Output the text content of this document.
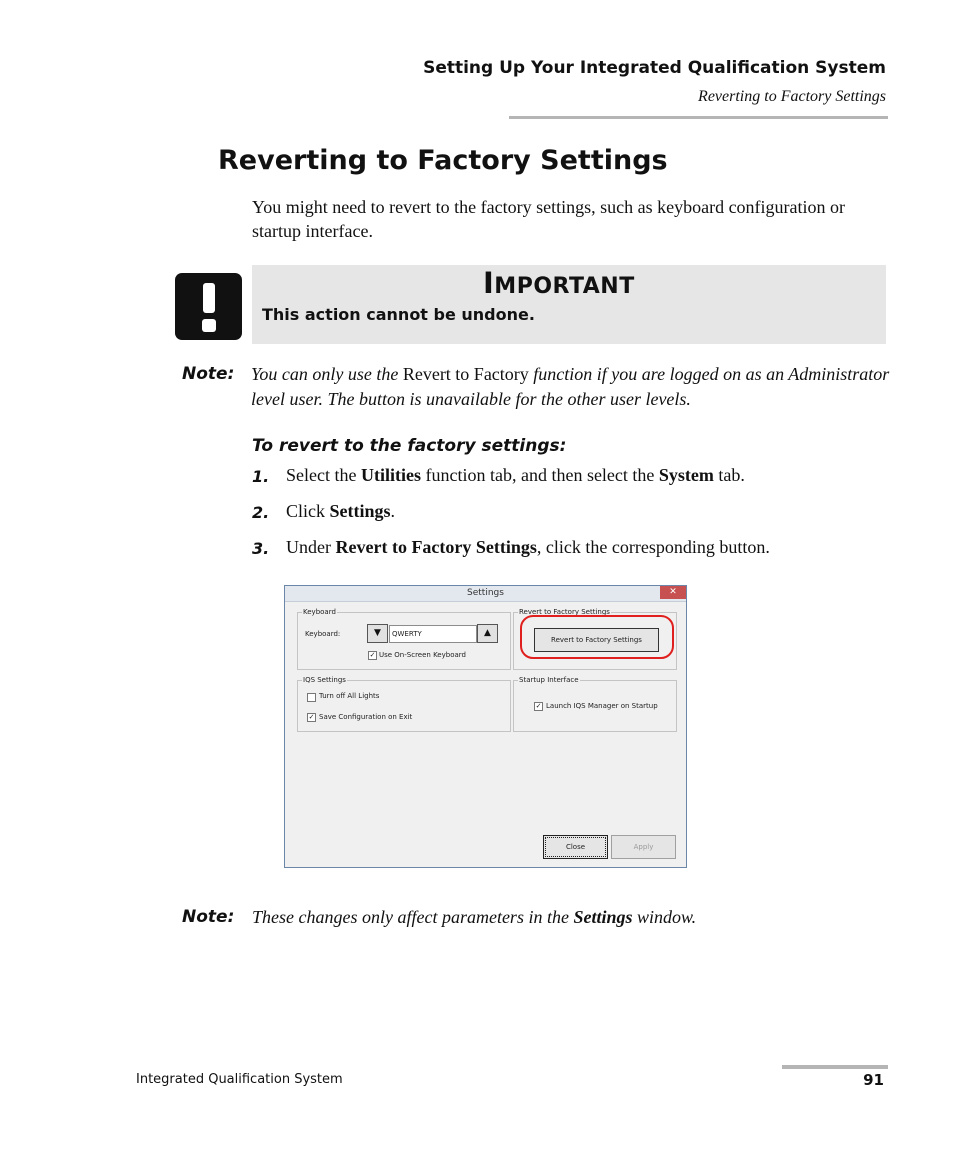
Setting Up Your Integrated Qualification System
Reverting to Factory Settings
Reverting to Factory Settings
You might need to revert to the factory settings, such as keyboard configuration or startup interface.
IMPORTANT
This action cannot be undone.
Note: You can only use the Revert to Factory function if you are logged on as an Administrator level user. The button is unavailable for the other user levels.
To revert to the factory settings:
1. Select the Utilities function tab, and then select the System tab.
2. Click Settings.
3. Under Revert to Factory Settings, click the corresponding button.
Settings	✕
Keyboard
Keyboard:	▼	QWERTY	▲
✓ Use On-Screen Keyboard
Revert to Factory Settings
Revert to Factory Settings
IQS Settings
Turn off All Lights
✓ Save Configuration on Exit
Startup Interface
✓ Launch IQS Manager on Startup
Close	Apply
Note: These changes only affect parameters in the Settings window.
Integrated Qualification System	91
